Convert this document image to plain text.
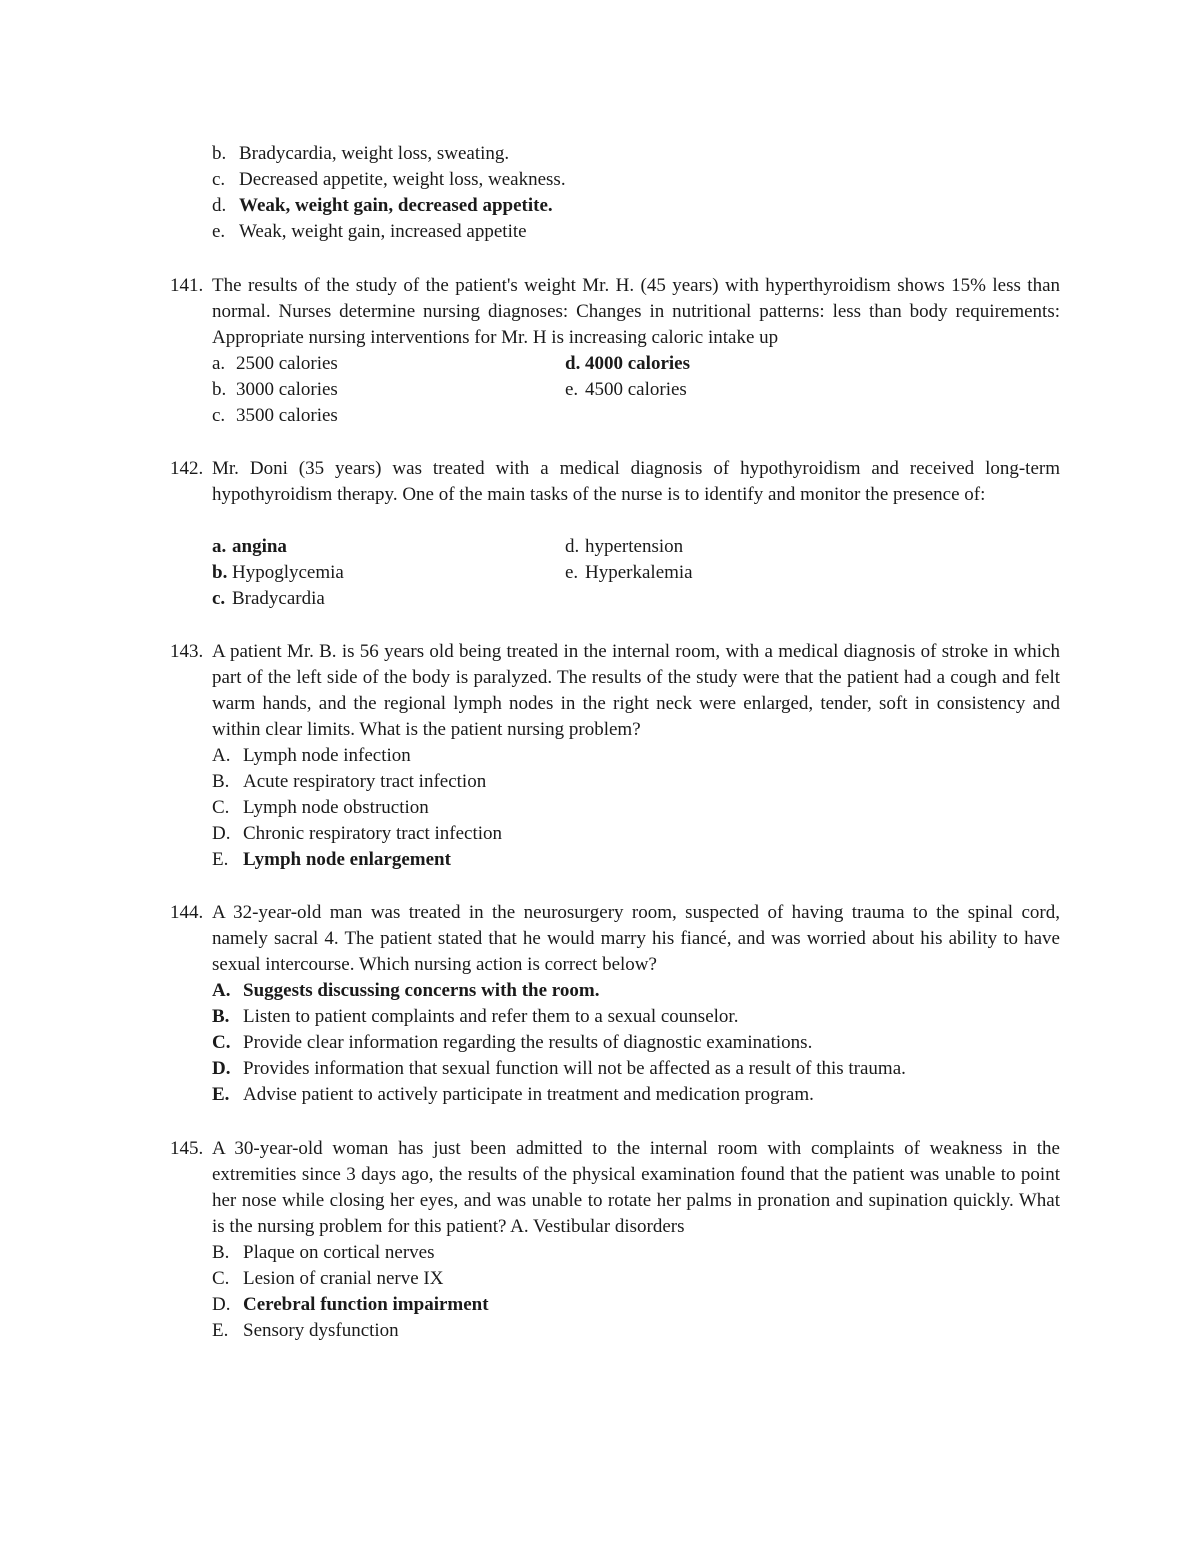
b. Bradycardia, weight loss, sweating.
c. Decreased appetite, weight loss, weakness.
d. Weak, weight gain, decreased appetite.
e. Weak, weight gain, increased appetite
141. The results of the study of the patient's weight Mr. H. (45 years) with hyperthyroidism shows 15% less than normal. Nurses determine nursing diagnoses: Changes in nutritional patterns: less than body requirements: Appropriate nursing interventions for Mr. H is increasing caloric intake up
a. 2500 calories
b. 3000 calories
c. 3500 calories
d. 4000 calories
e. 4500 calories
142. Mr. Doni (35 years) was treated with a medical diagnosis of hypothyroidism and received long-term hypothyroidism therapy. One of the main tasks of the nurse is to identify and monitor the presence of:
a. angina
b. Hypoglycemia
c. Bradycardia
d. hypertension
e. Hyperkalemia
143. A patient Mr. B. is 56 years old being treated in the internal room, with a medical diagnosis of stroke in which part of the left side of the body is paralyzed. The results of the study were that the patient had a cough and felt warm hands, and the regional lymph nodes in the right neck were enlarged, tender, soft in consistency and within clear limits. What is the patient nursing problem?
A. Lymph node infection
B. Acute respiratory tract infection
C. Lymph node obstruction
D. Chronic respiratory tract infection
E. Lymph node enlargement
144. A 32-year-old man was treated in the neurosurgery room, suspected of having trauma to the spinal cord, namely sacral 4. The patient stated that he would marry his fiancé, and was worried about his ability to have sexual intercourse. Which nursing action is correct below?
A. Suggests discussing concerns with the room.
B. Listen to patient complaints and refer them to a sexual counselor.
C. Provide clear information regarding the results of diagnostic examinations.
D. Provides information that sexual function will not be affected as a result of this trauma.
E. Advise patient to actively participate in treatment and medication program.
145. A 30-year-old woman has just been admitted to the internal room with complaints of weakness in the extremities since 3 days ago, the results of the physical examination found that the patient was unable to point her nose while closing her eyes, and was unable to rotate her palms in pronation and supination quickly. What is the nursing problem for this patient? A. Vestibular disorders
B. Plaque on cortical nerves
C. Lesion of cranial nerve IX
D. Cerebral function impairment
E. Sensory dysfunction
